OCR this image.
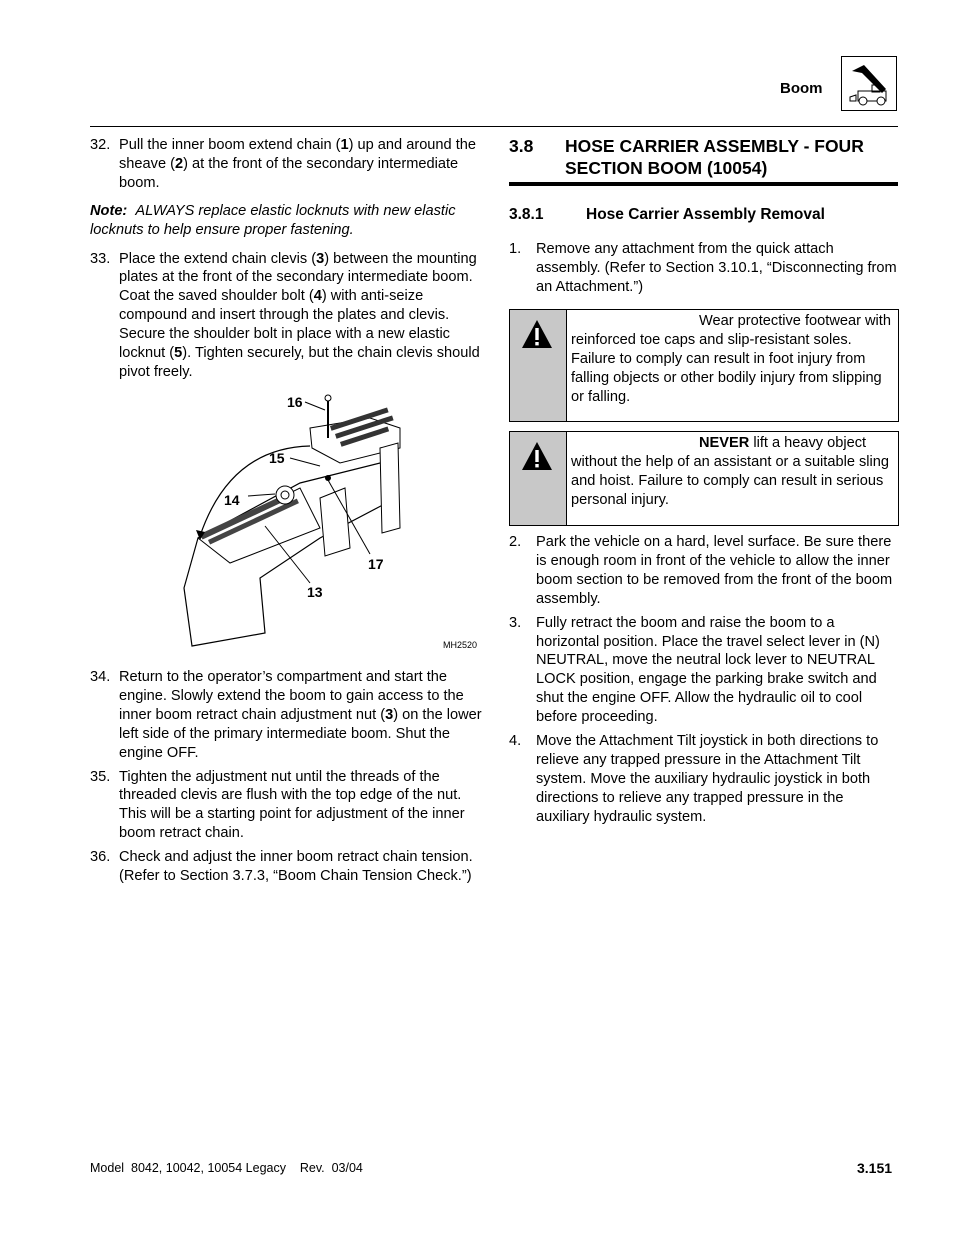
Boom
32. Pull the inner boom extend chain (1) up and around the sheave (2) at the front of the secondary intermediate boom.
Note: ALWAYS replace elastic locknuts with new elastic locknuts to help ensure proper fastening.
33. Place the extend chain clevis (3) between the mounting plates at the front of the secondary intermediate boom. Coat the saved shoulder bolt (4) with anti-seize compound and insert through the plates and clevis. Secure the shoulder bolt in place with a new elastic locknut (5). Tighten securely, but the chain clevis should pivot freely.
16
15
14
17
13
MH2520
34. Return to the operator’s compartment and start the engine. Slowly extend the boom to gain access to the inner boom retract chain adjustment nut (3) on the lower left side of the primary intermediate boom. Shut the engine OFF.
35. Tighten the adjustment nut until the threads of the threaded clevis are flush with the top edge of the nut. This will be a starting point for adjustment of the inner boom retract chain.
36. Check and adjust the inner boom retract chain tension. (Refer to Section 3.7.3, “Boom Chain Tension Check.”)
3.8	HOSE CARRIER ASSEMBLY - FOUR SECTION BOOM (10054)
3.8.1	Hose Carrier Assembly Removal
1.	Remove any attachment from the quick attach assembly. (Refer to Section 3.10.1, “Disconnecting from an Attachment.”)
Wear protective footwear with reinforced toe caps and slip-resistant soles. Failure to comply can result in foot injury from falling objects or other bodily injury from slipping or falling.
NEVER lift a heavy object without the help of an assistant or a suitable sling and hoist. Failure to comply can result in serious personal injury.
2.	Park the vehicle on a hard, level surface. Be sure there is enough room in front of the vehicle to allow the inner boom section to be removed from the front of the boom assembly.
3.	Fully retract the boom and raise the boom to a horizontal position. Place the travel select lever in (N) NEUTRAL, move the neutral lock lever to NEUTRAL LOCK position, engage the parking brake switch and shut the engine OFF. Allow the hydraulic oil to cool before proceeding.
4.	Move the Attachment Tilt joystick in both directions to relieve any trapped pressure in the Attachment Tilt system. Move the auxiliary hydraulic joystick in both directions to relieve any trapped pressure in the auxiliary hydraulic system.
Model  8042, 10042, 10054 Legacy    Rev.  03/04	3.151
